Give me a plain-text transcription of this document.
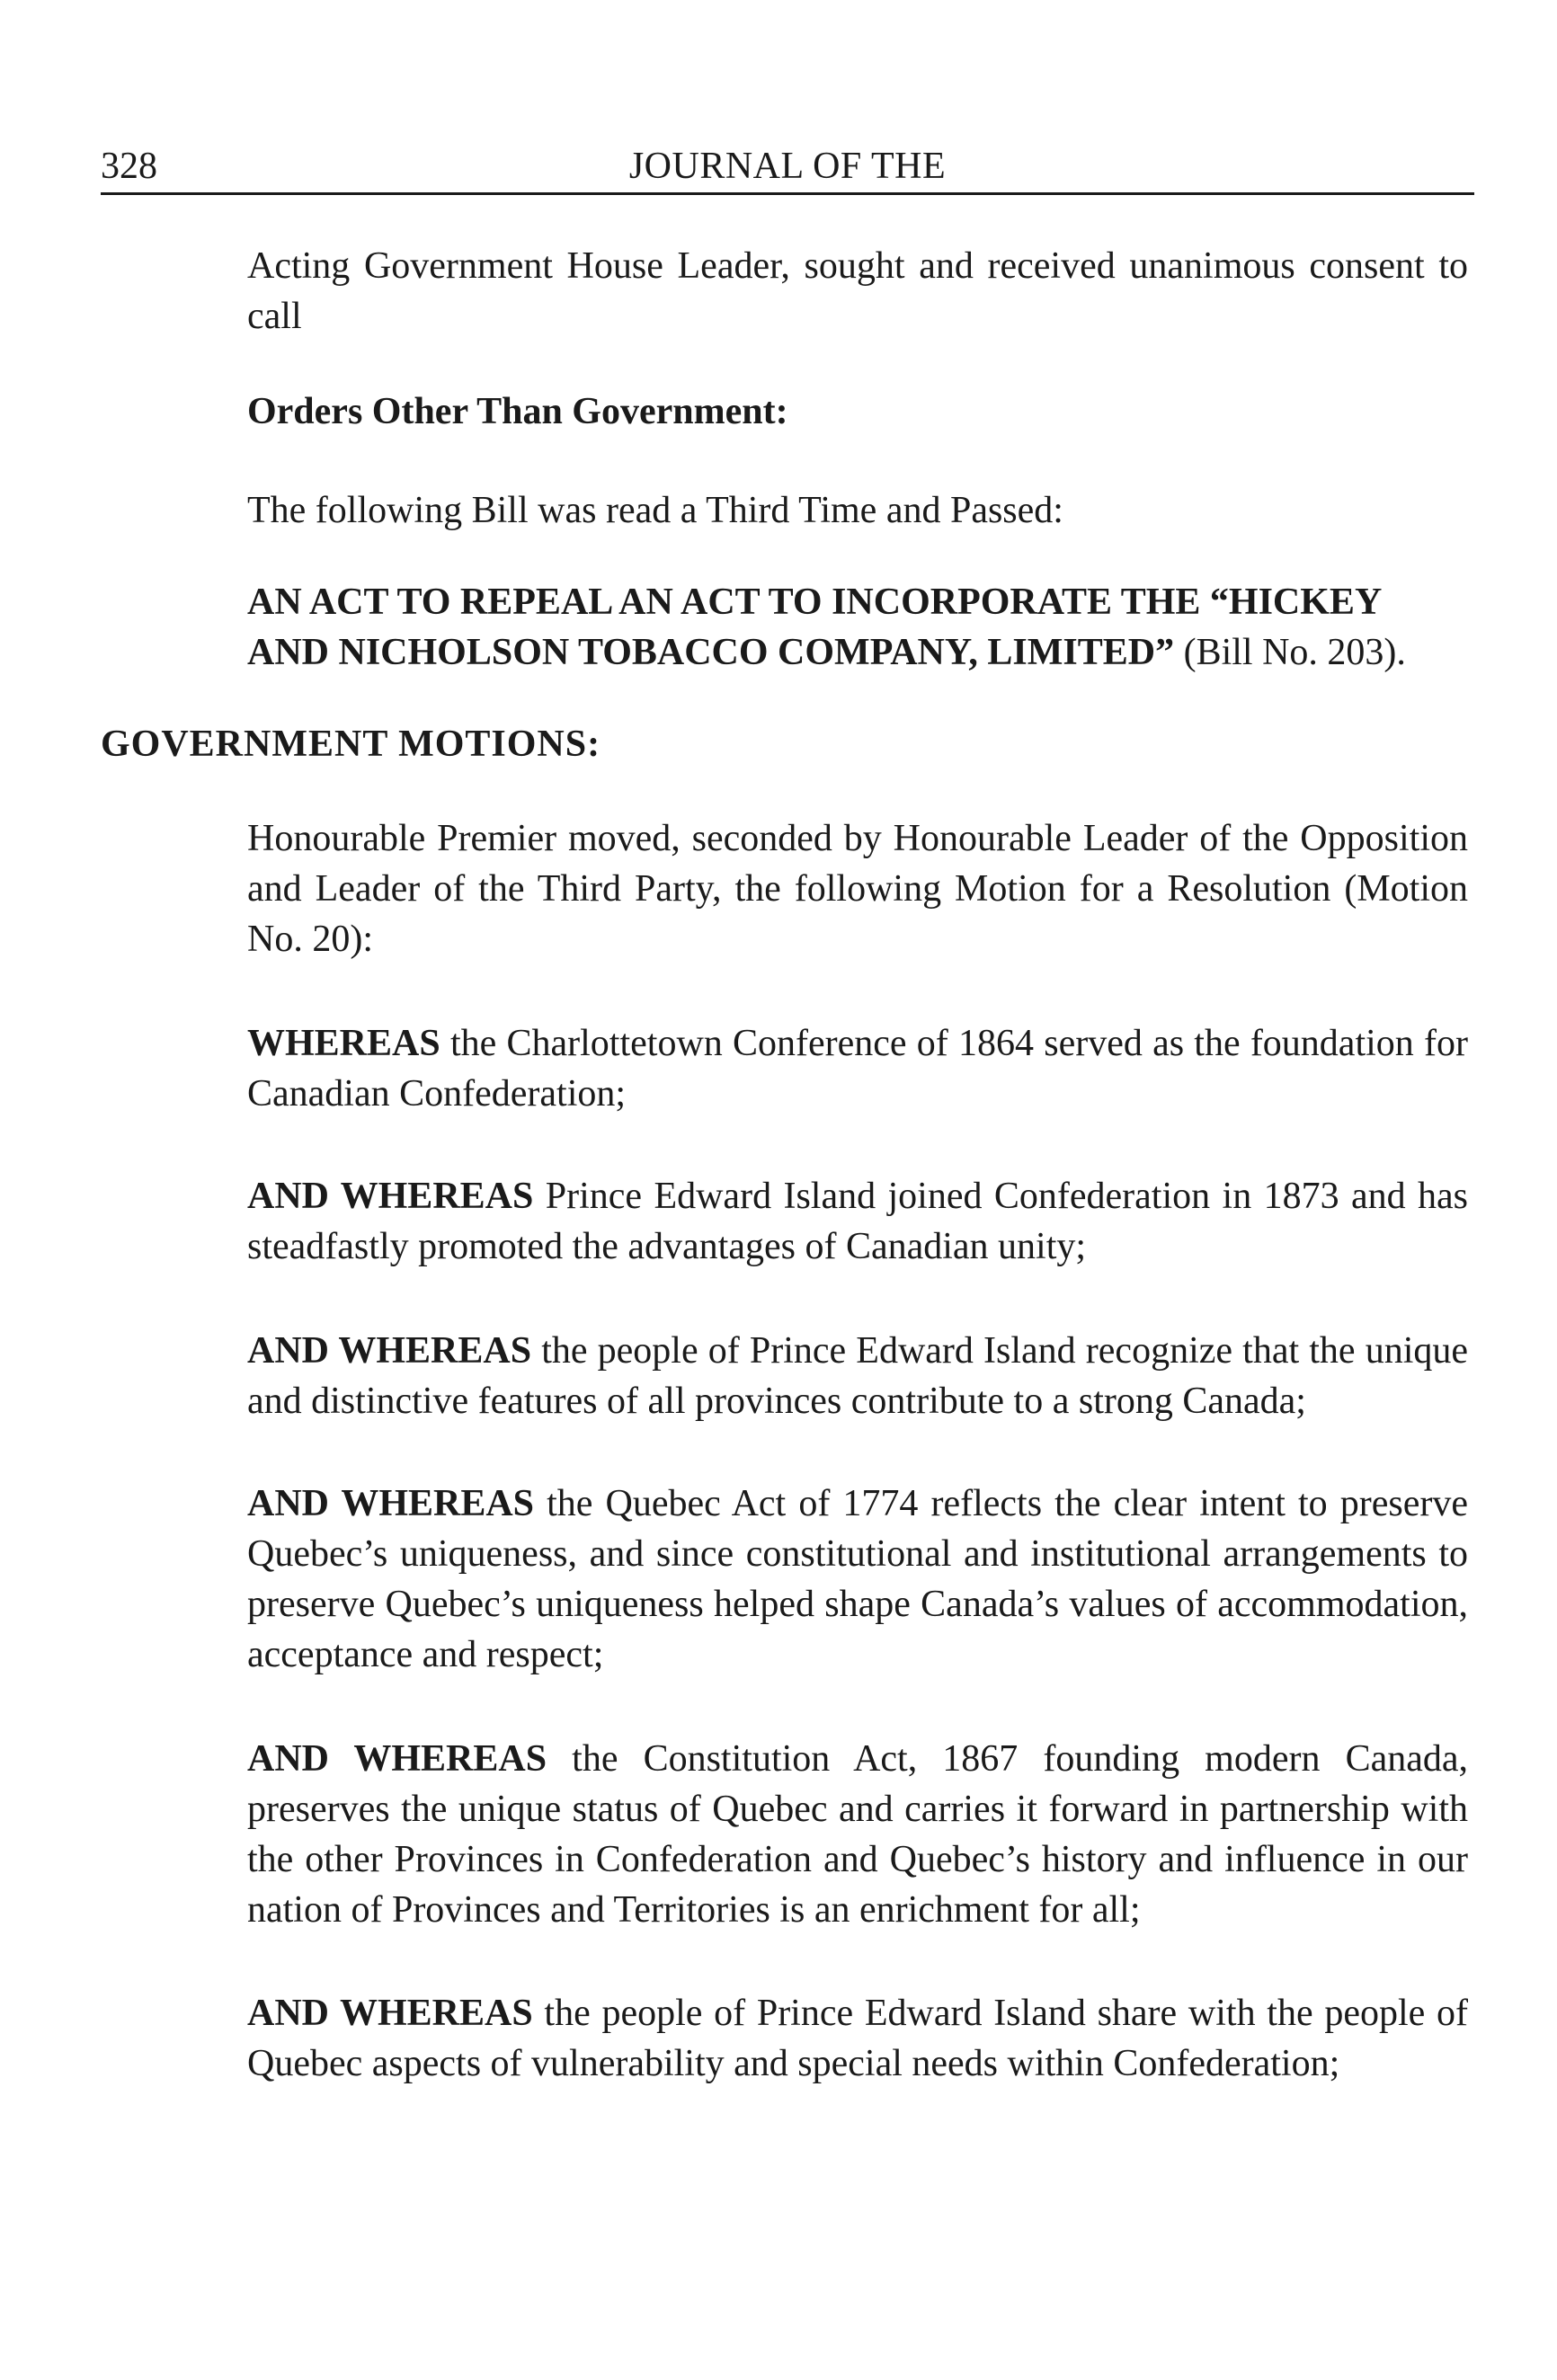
328	JOURNAL OF THE
Acting Government House Leader, sought and received unanimous consent to call
Orders Other Than Government:
The following Bill was read a Third Time and Passed:
AN ACT TO REPEAL AN ACT TO INCORPORATE THE “HICKEY AND NICHOLSON TOBACCO COMPANY, LIMITED” (Bill No. 203).
GOVERNMENT MOTIONS:
Honourable Premier moved, seconded by Honourable Leader of the Opposition and Leader of the Third Party, the following Motion for a Resolution (Motion No. 20):
WHEREAS the Charlottetown Conference of 1864 served as the foundation for Canadian Confederation;
AND WHEREAS Prince Edward Island joined Confederation in 1873 and has steadfastly promoted the advantages of Canadian unity;
AND WHEREAS the people of Prince Edward Island recognize that the unique and distinctive features of all provinces contribute to a strong Canada;
AND WHEREAS the Quebec Act of 1774 reflects the clear intent to preserve Quebec’s uniqueness, and since constitutional and institutional arrangements to preserve Quebec’s uniqueness helped shape Canada’s values of accommodation, acceptance and respect;
AND WHEREAS the Constitution Act, 1867 founding modern Canada, preserves the unique status of Quebec and carries it forward in partnership with the other Provinces in Confederation and Quebec’s history and influence in our nation of Provinces and Territories is an enrichment for all;
AND WHEREAS the people of Prince Edward Island share with the people of Quebec aspects of vulnerability and special needs within Confederation;
